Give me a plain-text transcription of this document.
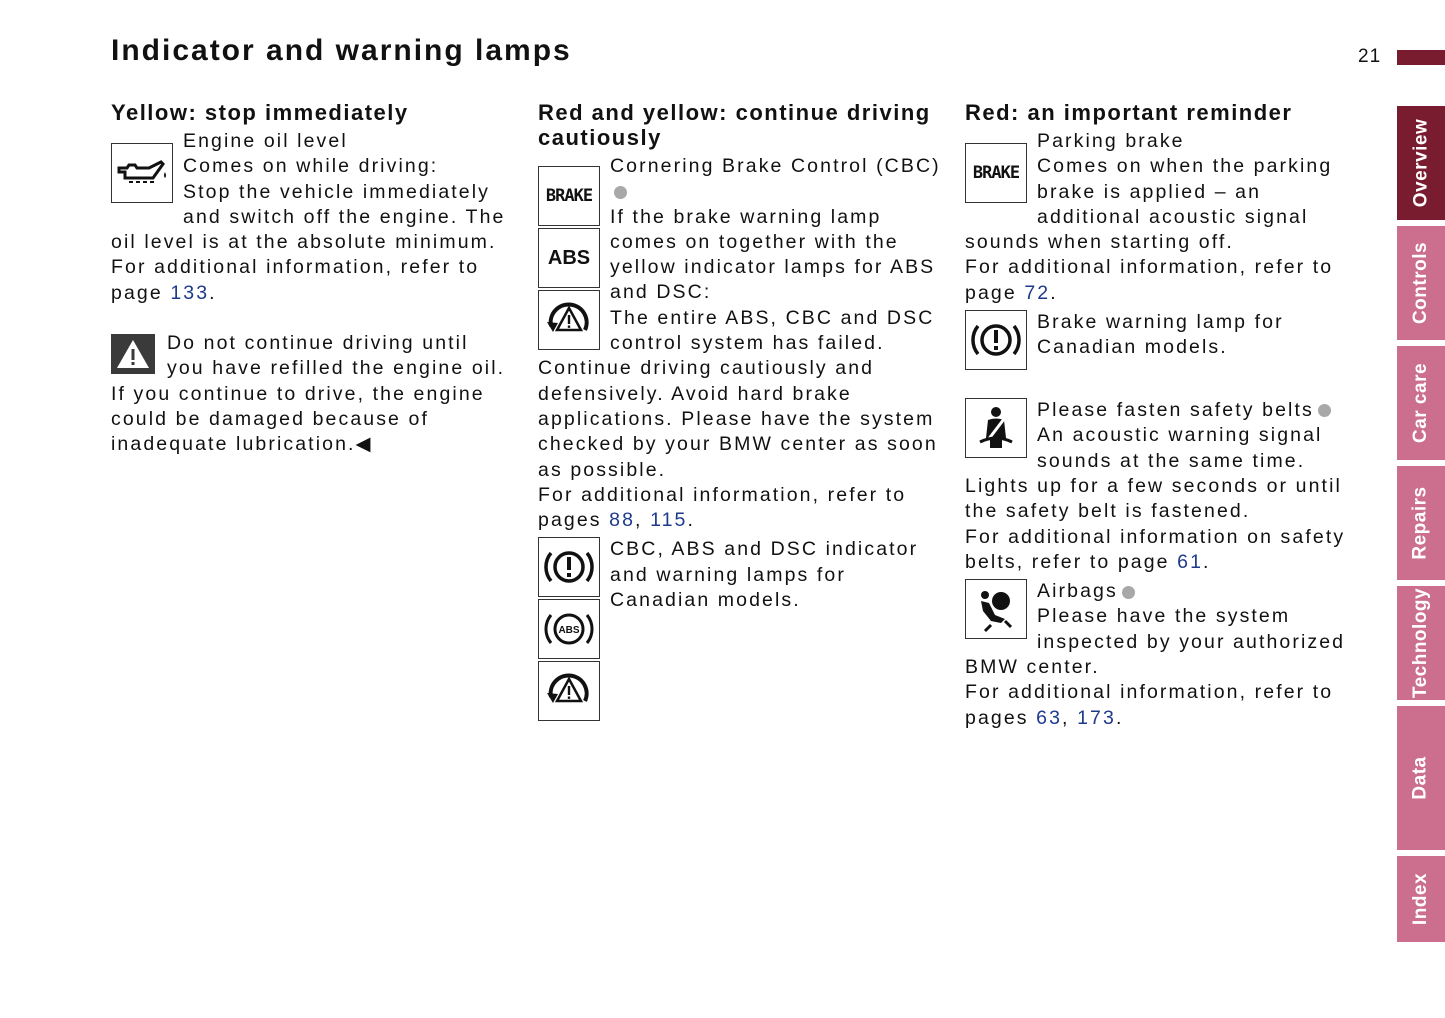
Indicator and warning lamps	21
Yellow: stop immediately

Engine oil level

Comes on while driving:

Stop the vehicle immediately and switch off the engine. The oil level is at the absolute minimum.

For additional information, refer to page 133.

Do not continue driving until you have refilled the engine oil. If you continue to drive, the engine could be damaged because of inadequate lubrication.◀

Red and yellow: continue driving cautiously
BRAKE
ABS

Cornering Brake Control (CBC)

If the brake warning lamp comes on together with the yellow indicator lamps for ABS and DSC:

The entire ABS, CBC and DSC control system has failed. Continue driving cautiously and defensively. Avoid hard brake applications. Please have the system checked by your BMW center as soon as possible.

For additional information, refer to pages 88, 115.

ABS

CBC, ABS and DSC indicator and warning lamps for Canadian models.

Red: an important reminder
BRAKE

Parking brake

Comes on when the parking brake is applied – an additional acoustic signal sounds when starting off.

For additional information, refer to page 72.

Brake warning lamp for Canadian models.

Please fasten safety belts

An acoustic warning signal sounds at the same time. Lights up for a few seconds or until the safety belt is fastened.

For additional information on safety belts, refer to page 61.

Airbags

Please have the system inspected by your authorized BMW center.

For additional information, refer to pages 63, 173.

Overview
Controls
Car care
Repairs
Technology
Data
Index
